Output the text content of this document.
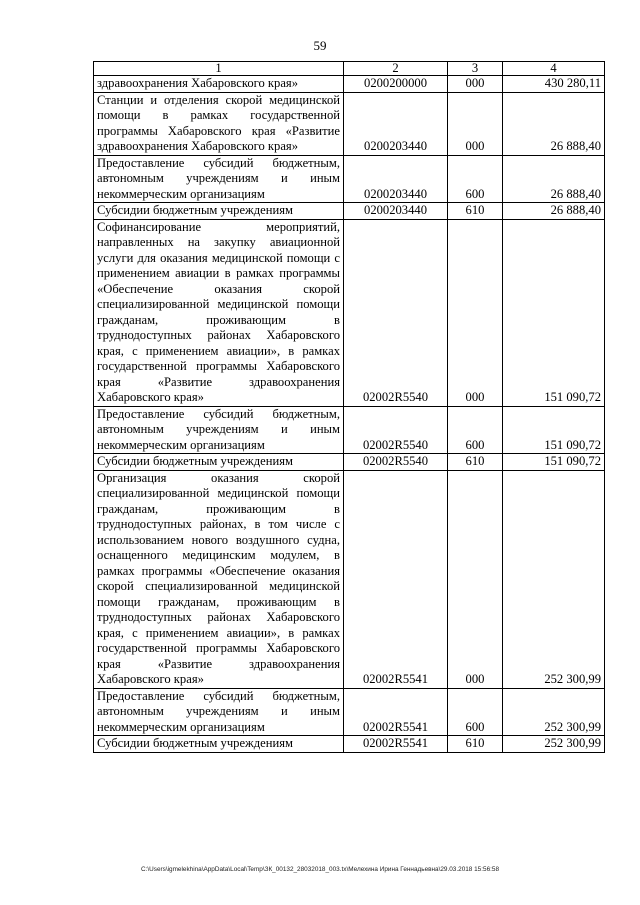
59
1	2	3	4
здравоохранения Хабаровского края»	0200200000	000	430 280,11
Станции и отделения скорой медицинской помощи в рамках государственной программы Хабаровского края «Развитие здравоохранения Хабаровского края»	0200203440	000	26 888,40
Предоставление субсидий бюджетным, автономным учреждениям и иным некоммерческим организациям	0200203440	600	26 888,40
Субсидии бюджетным учреждениям	0200203440	610	26 888,40
Софинансирование мероприятий, направленных на закупку авиационной услуги для оказания медицинской помощи с применением авиации в рамках программы «Обеспечение оказания скорой специализированной медицинской помощи гражданам, проживающим в труднодоступных районах Хабаровского края, с применением авиации», в рамках государственной программы Хабаровского края «Развитие здравоохранения Хабаровского края»	02002R5540	000	151 090,72
Предоставление субсидий бюджетным, автономным учреждениям и иным некоммерческим организациям	02002R5540	600	151 090,72
Субсидии бюджетным учреждениям	02002R5540	610	151 090,72
Организация оказания скорой специализированной медицинской помощи гражданам, проживающим в труднодоступных районах, в том числе с использованием нового воздушного судна, оснащенного медицинским модулем, в рамках программы «Обеспечение оказания скорой специализированной медицинской помощи гражданам, проживающим в труднодоступных районах Хабаровского края, с применением авиации», в рамках государственной программы Хабаровского края «Развитие здравоохранения Хабаровского края»	02002R5541	000	252 300,99
Предоставление субсидий бюджетным, автономным учреждениям и иным некоммерческим организациям	02002R5541	600	252 300,99
Субсидии бюджетным учреждениям	02002R5541	610	252 300,99
C:\Users\igmelekhina\AppData\Local\Temp\ЗК_00132_28032018_003.tx\Мелехина Ирина Геннадьевна\29.03.2018 15:56:58
